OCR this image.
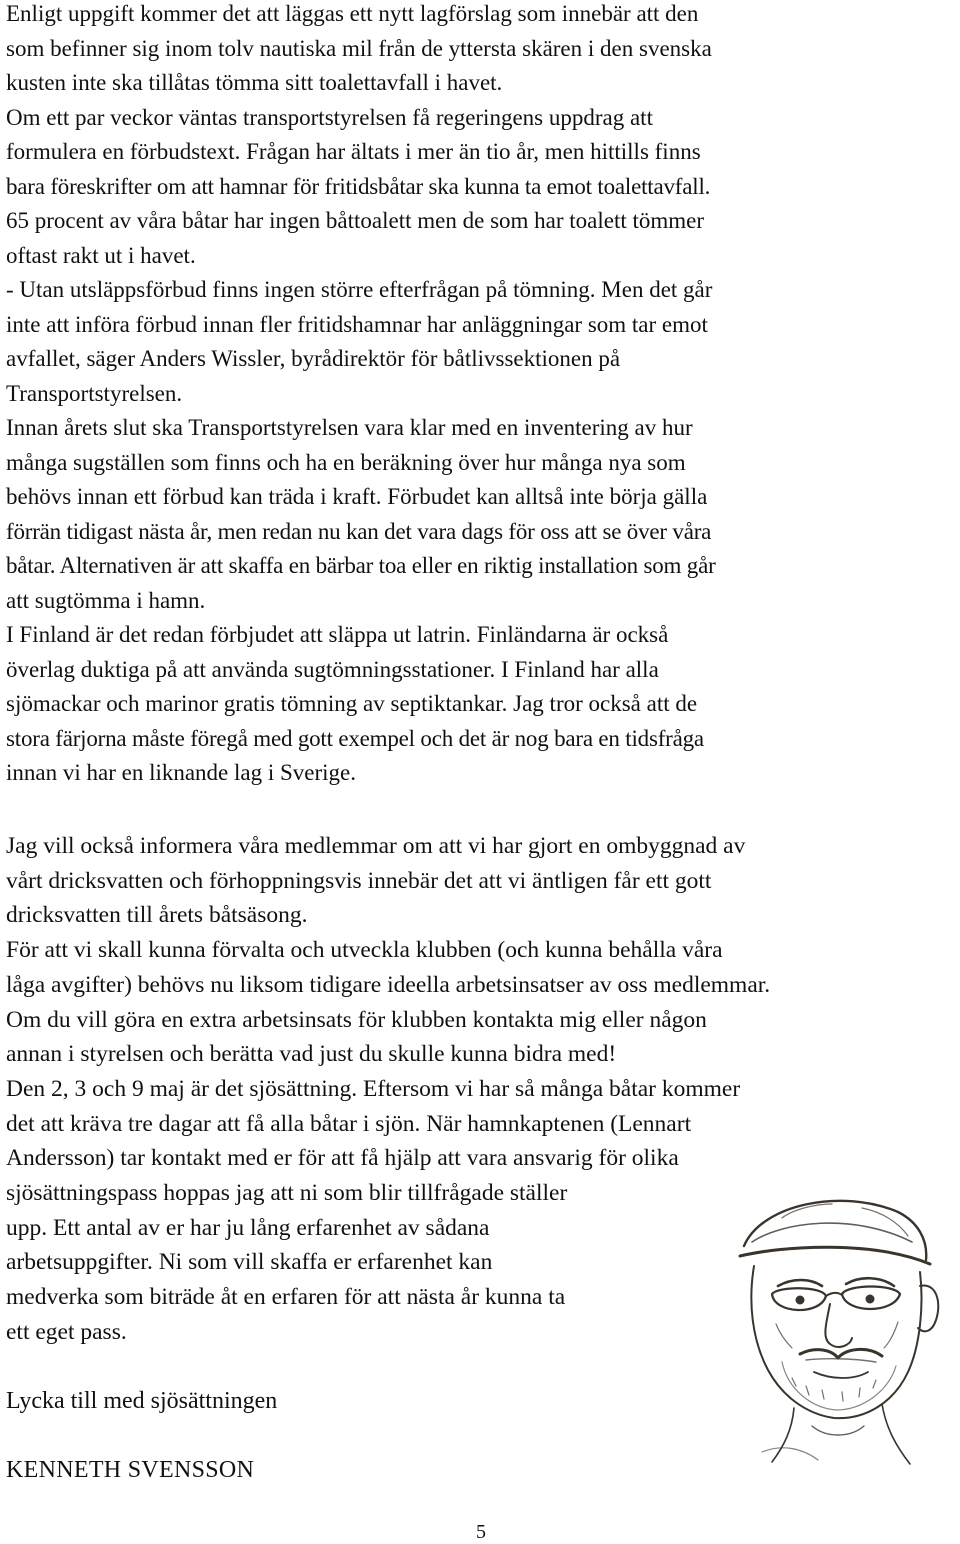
Enligt uppgift kommer det att läggas ett nytt lagförslag som innebär att den
som befinner sig inom tolv nautiska mil från de yttersta skären i den svenska
kusten inte ska tillåtas tömma sitt toalettavfall i havet.
Om ett par veckor väntas transportstyrelsen få regeringens uppdrag att
formulera en förbudstext. Frågan har ältats i mer än tio år, men hittills finns
bara föreskrifter om att hamnar för fritidsbåtar ska kunna ta emot toalettavfall.
65 procent av våra båtar har ingen båttoalett men de som har toalett tömmer
oftast rakt ut i havet.
- Utan utsläppsförbud finns ingen större efterfrågan på tömning. Men det går
inte att införa förbud innan fler fritidshamnar har anläggningar som tar emot
avfallet, säger Anders Wissler, byrådirektör för båtlivssektionen på
Transportstyrelsen.
Innan årets slut ska Transportstyrelsen vara klar med en inventering av hur
många sugställen som finns och ha en beräkning över hur många nya som
behövs innan ett förbud kan träda i kraft. Förbudet kan alltså inte börja gälla
förrän tidigast nästa år, men redan nu kan det vara dags för oss att se över våra
båtar. Alternativen är att skaffa en bärbar toa eller en riktig installation som går
att sugtömma i hamn.
I Finland är det redan förbjudet att släppa ut latrin. Finländarna är också
överlag duktiga på att använda sugtömningsstationer. I Finland har alla
sjömackar och marinor gratis tömning av septiktankar. Jag tror också att de
stora färjorna måste föregå med gott exempel och det är nog bara en tidsfråga
innan vi har en liknande lag i Sverige.
Jag vill också informera våra medlemmar om att vi har gjort en ombyggnad av
vårt dricksvatten och förhoppningsvis innebär det att vi äntligen får ett gott
dricksvatten till årets båtsäsong.
För att vi skall kunna förvalta och utveckla klubben (och kunna behålla våra
låga avgifter) behövs nu liksom tidigare ideella arbetsinsatser av oss medlemmar.
Om du vill göra en extra arbetsinsats för klubben kontakta mig eller någon
annan i styrelsen och berätta vad just du skulle kunna bidra med!
Den 2, 3 och 9 maj är det sjösättning. Eftersom vi har så många båtar kommer
det att kräva tre dagar att få alla båtar i sjön. När hamnkaptenen (Lennart
Andersson) tar kontakt med er för att få hjälp att vara ansvarig för olika
sjösättningspass hoppas jag att ni som blir tillfrågade ställer
upp. Ett antal av er har ju lång erfarenhet av sådana
arbetsuppgifter. Ni som vill skaffa er erfarenhet kan
medverka som biträde åt en erfaren för att nästa år kunna ta
ett eget pass.
Lycka till med sjösättningen
KENNETH SVENSSON
5
